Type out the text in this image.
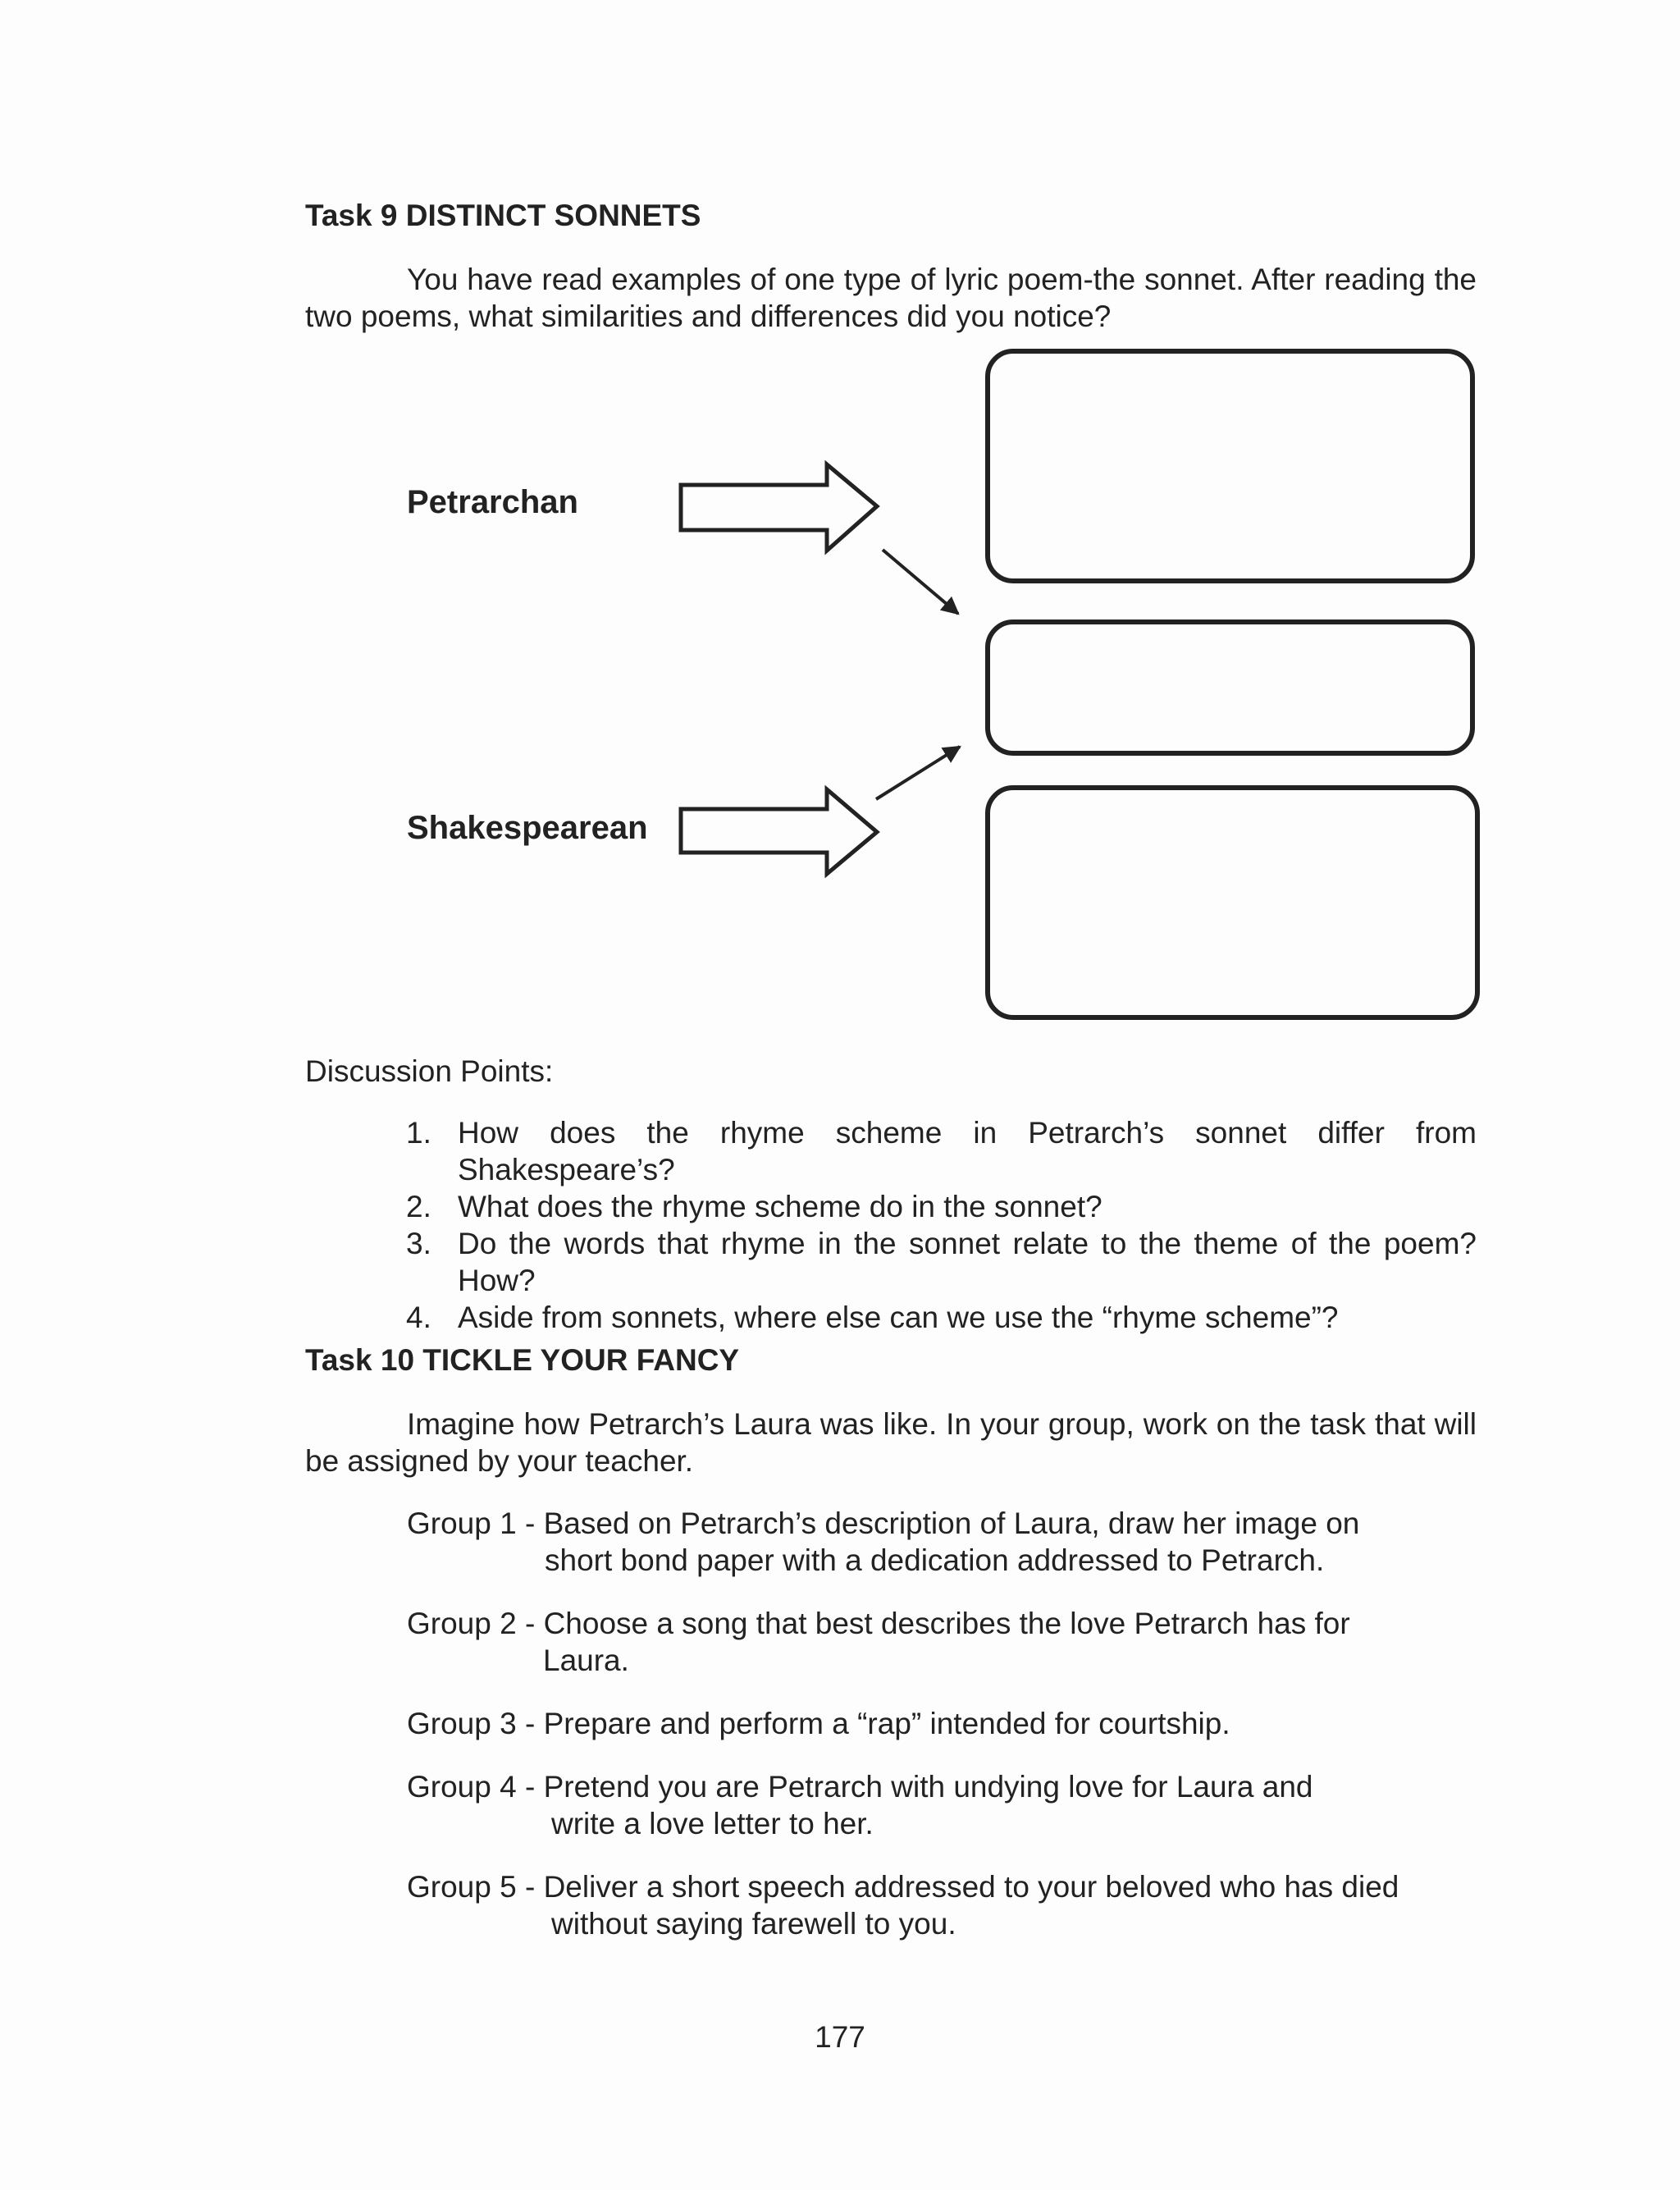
Task 9 DISTINCT SONNETS
You have read examples of one type of lyric poem-the sonnet. After reading the two poems, what similarities and differences did you notice?
Petrarchan
Shakespearean
Discussion Points:
1. How does the rhyme scheme in Petrarch’s sonnet differ from Shakespeare’s?
2. What does the rhyme scheme do in the sonnet?
3. Do the words that rhyme in the sonnet relate to the theme of the poem? How?
4. Aside from sonnets, where else can we use the “rhyme scheme”?
Task 10 TICKLE YOUR FANCY
Imagine how Petrarch’s Laura was like. In your group, work on the task that will be assigned by your teacher.
Group 1 - Based on Petrarch’s description of Laura, draw her image on
short bond paper with a dedication addressed to Petrarch.
Group 2 - Choose a song that best describes the love Petrarch has for
Laura.
Group 3 - Prepare and perform a “rap” intended for courtship.
Group 4 - Pretend you are Petrarch with undying love for Laura and
write a love letter to her.
Group 5 - Deliver a short speech addressed to your beloved who has died
without saying farewell to you.
177
